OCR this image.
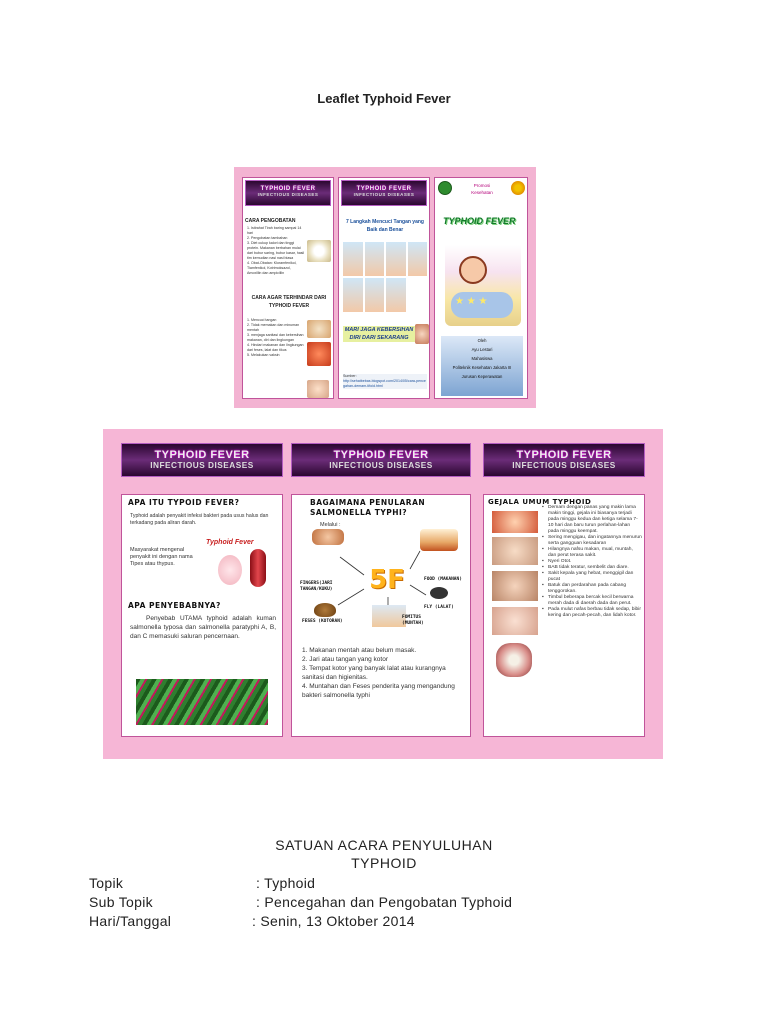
Leaflet Typhoid Fever
TYPHOID FEVER
INFECTIOUS DISEASES
CARA PENGOBATAN
1. Istirahat Tirah baring sampai 14 hari
2. Pengobatan tambahan
3. Diet cukup kalori dan tinggi protein. Makanan berbahan mulai dari bubur saring, bubur kasar, hasil tim kemudian nasi nasi biasa
4. Obat-Obatan: Kloramfenikol, Tiamfenikol, Kotrimoksazol, Amoxillin dan ampicillin
CARA AGAR TERHINDAR DARI TYPHOID FEVER
1. Mencuci tangan
2. Tidak memakan dan minuman mentah
3. menjaga sanitasi dan kebersihan makanan, diri dan lingkungan
4. Hindari makanan dan lingkungan dari feses, lalat dan tikus
5. Melakukan vaksin
TYPHOID FEVER
INFECTIOUS DISEASES
7 Langkah Mencuci Tangan yang Baik dan Benar
MARI JAGA KEBERSIHAN DIRI DARI SEKARANG
Sumber:
http://sehatbebas.blogspot.com/2014/05/cara-pencegahan-demam-tifoid.html
Promosi
Kesehatan
TYPHOID FEVER
★ ★ ★
Oleh
Ayu Lestari
Mahasiswa
Politeknik Kesehatan Jakarta III
Jurusan Keperawatan
TYPHOID FEVER
INFECTIOUS DISEASES
TYPHOID FEVER
INFECTIOUS DISEASES
TYPHOID FEVER
INFECTIOUS DISEASES
APA ITU TYPOID FEVER?
Typhoid adalah penyakit infeksi bakteri pada usus halus dan terkadang pada aliran darah.
Masyarakat mengenal penyakit ini dengan nama Tipes atau thypus.
Typhoid Fever
APA PENYEBABNYA?
Penyebab UTAMA typhoid adalah kuman salmonella typosa dan salmonella paratyphi A, B, dan C memasuki saluran pencernaan.
BAGAIMANA PENULARAN SALMONELLA TYPHI?
Melalui :
5F
FINGERS(JARI TANGAN/KUKU)
FOOD (MAKANAN)
FLY (LALAT)
FOMITUS (MUNTAH)
FESES (KOTORAN)
1. Makanan mentah atau belum masak.
2. Jari atau tangan yang kotor
3. Tempat kotor yang banyak lalat atau kurangnya sanitasi dan higienitas.
4. Muntahan dan Feses penderita yang mengandung bakteri salmonella typhi
GEJALA UMUM TYPHOID
▪ Demam dengan panas yang makin lama makin tinggi, gejala ini biasanya terjadi pada minggu kedua dan ketiga selama 7-10 hari dan baru turun perlahan-lahan pada minggu keempat.
▪ Sering mengigau, dan ingatannya menurun serta gangguan kesadaran
▪ Hilangnya nafsu makan, mual, muntah, dan perut terasa sakit.
▪ Nyeri Otot.
▪ BAB tidak teratur, sembelit dan diare.
▪ Sakit kepala yang hebat, menggigil dan pucat
▪ Batuk dan perdarahan pada cabang tenggorokan.
▪ Timbul beberapa bercak kecil berwarna merah dada di daerah dada dan perut.
▪ Pada mulut nafas berbau tidak sedap, bibir kering dan pecah-pecah, dan lidah kotor.
SATUAN ACARA PENYULUHAN
TYPHOID
Topik	: Typhoid
Sub Topik	: Pencegahan dan Pengobatan Typhoid
Hari/Tanggal	: Senin, 13 Oktober 2014
